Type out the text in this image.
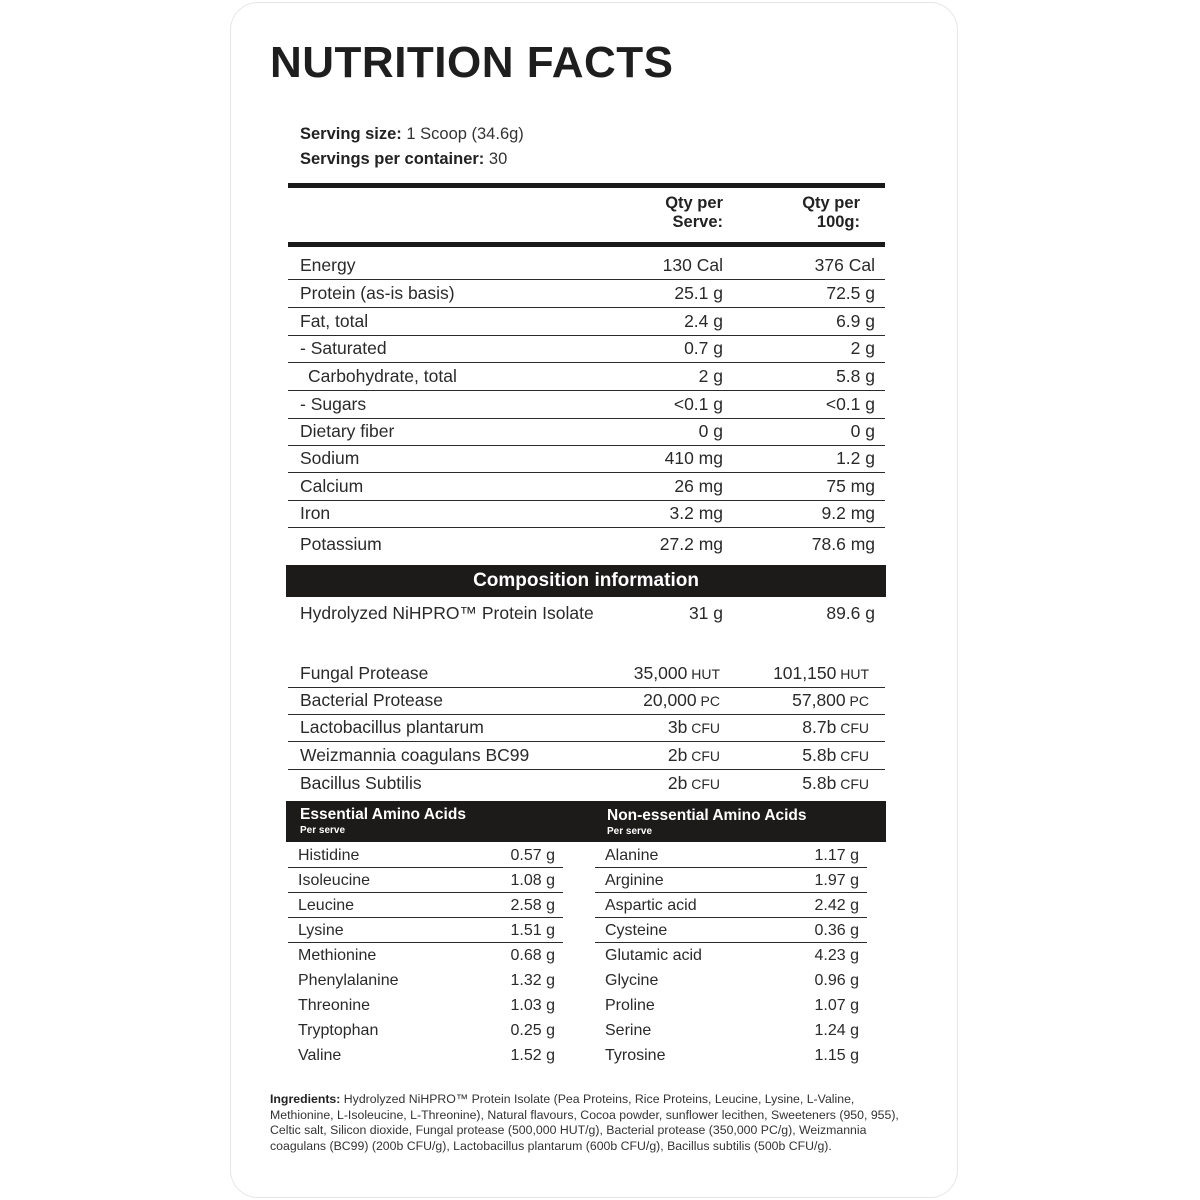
NUTRITION FACTS
Serving size: 1 Scoop (34.6g)
Servings per container: 30
Qty per
Serve:
Qty per
100g:
Energy	130 Cal	376 Cal
Protein (as-is basis)	25.1 g	72.5 g
Fat, total	2.4 g	6.9 g
- Saturated	0.7 g	2 g
Carbohydrate, total	2 g	5.8 g
- Sugars	<0.1 g	<0.1 g
Dietary fiber	0 g	0 g
Sodium	410 mg	1.2 g
Calcium	26 mg	75 mg
Iron	3.2 mg	9.2 mg
Potassium	27.2 mg	78.6 mg
Composition information
Hydrolyzed NiHPRO™ Protein Isolate	31 g	89.6 g
Fungal Protease	35,000 HUT	101,150 HUT
Bacterial Protease	20,000 PC	57,800 PC
Lactobacillus plantarum	3b CFU	8.7b CFU
Weizmannia coagulans BC99	2b CFU	5.8b CFU
Bacillus Subtilis	2b CFU	5.8b CFU
Essential Amino Acids
Per serve
Non-essential Amino Acids
Per serve
Histidine	0.57 g
Isoleucine	1.08 g
Leucine	2.58 g
Lysine	1.51 g
Methionine	0.68 g
Phenylalanine	1.32 g
Threonine	1.03 g
Tryptophan	0.25 g
Valine	1.52 g
Alanine	1.17 g
Arginine	1.97 g
Aspartic acid	2.42 g
Cysteine	0.36 g
Glutamic acid	4.23 g
Glycine	0.96 g
Proline	1.07 g
Serine	1.24 g
Tyrosine	1.15 g
Ingredients: Hydrolyzed NiHPRO™ Protein Isolate (Pea Proteins, Rice Proteins, Leucine, Lysine, L-Valine, Methionine, L-Isoleucine, L-Threonine), Natural flavours, Cocoa powder, sunflower lecithen, Sweeteners (950, 955), Celtic salt, Silicon dioxide, Fungal protease (500,000 HUT/g), Bacterial protease (350,000 PC/g), Weizmannia coagulans (BC99) (200b CFU/g), Lactobacillus plantarum (600b CFU/g), Bacillus subtilis (500b CFU/g).
